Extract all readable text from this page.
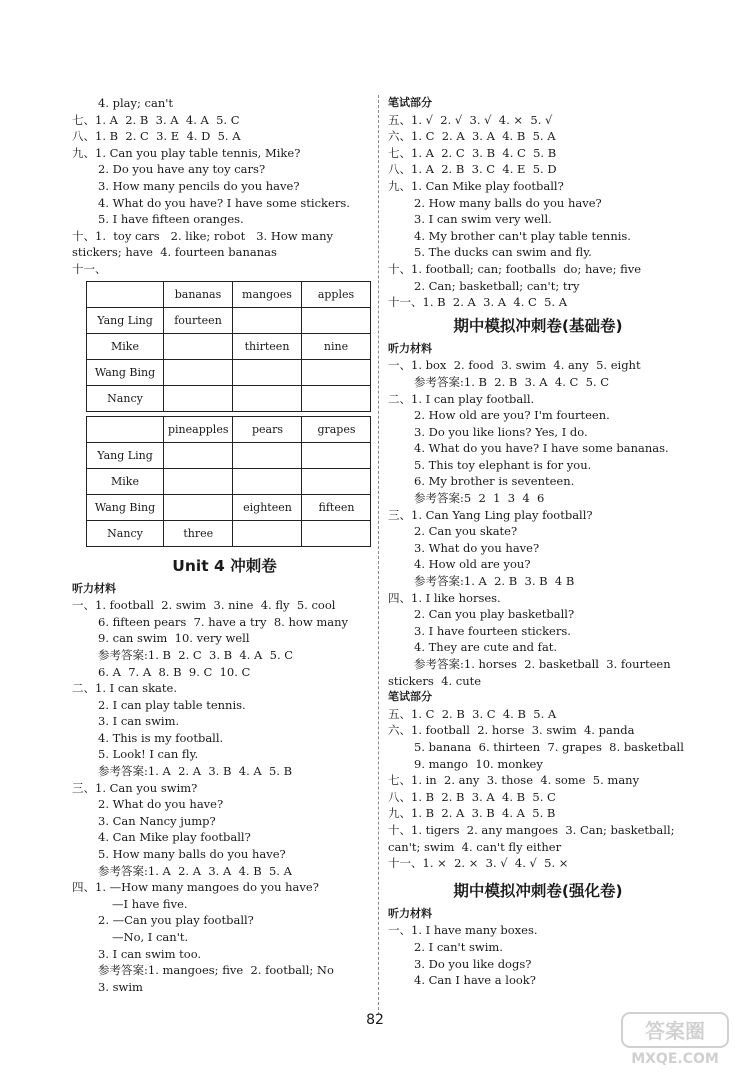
4. play; can't
七、1. A  2. B  3. A  4. A  5. C
八、1. B  2. C  3. E  4. D  5. A
九、1. Can you play table tennis, Mike?
2. Do you have any toy cars?
3. How many pencils do you have?
4. What do you have? I have some stickers.
5. I have fifteen oranges.
十、1.  toy cars   2. like; robot   3. How many
stickers; have  4. fourteen bananas
十一、
	bananas	mangoes	apples
Yang Ling	fourteen		
Mike		thirteen	nine
Wang Bing			
Nancy			
	pineapples	pears	grapes
Yang Ling			
Mike			
Wang Bing		eighteen	fifteen
Nancy	three		
Unit 4 冲刺卷
听力材料
一、1. football  2. swim  3. nine  4. fly  5. cool
6. fifteen pears  7. have a try  8. how many
9. can swim  10. very well
参考答案:1. B  2. C  3. B  4. A  5. C
6. A  7. A  8. B  9. C  10. C
二、1. I can skate.
2. I can play table tennis.
3. I can swim.
4. This is my football.
5. Look! I can fly.
参考答案:1. A  2. A  3. B  4. A  5. B
三、1. Can you swim?
2. What do you have?
3. Can Nancy jump?
4. Can Mike play football?
5. How many balls do you have?
参考答案:1. A  2. A  3. A  4. B  5. A
四、1. —How many mangoes do you have?
—I have five.
2. —Can you play football?
—No, I can't.
3. I can swim too.
参考答案:1. mangoes; five  2. football; No
3. swim
笔试部分
五、1. √  2. √  3. √  4. ×  5. √
六、1. C  2. A  3. A  4. B  5. A
七、1. A  2. C  3. B  4. C  5. B
八、1. A  2. B  3. C  4. E  5. D
九、1. Can Mike play football?
2. How many balls do you have?
3. I can swim very well.
4. My brother can't play table tennis.
5. The ducks can swim and fly.
十、1. football; can; footballs  do; have; five
2. Can; basketball; can't; try
十一、1. B  2. A  3. A  4. C  5. A
期中模拟冲刺卷(基础卷)
听力材料
一、1. box  2. food  3. swim  4. any  5. eight
参考答案:1. B  2. B  3. A  4. C  5. C
二、1. I can play football.
2. How old are you? I'm fourteen.
3. Do you like lions? Yes, I do.
4. What do you have? I have some bananas.
5. This toy elephant is for you.
6. My brother is seventeen.
参考答案:5  2  1  3  4  6
三、1. Can Yang Ling play football?
2. Can you skate?
3. What do you have?
4. How old are you?
参考答案:1. A  2. B  3. B  4 B
四、1. I like horses.
2. Can you play basketball?
3. I have fourteen stickers.
4. They are cute and fat.
参考答案:1. horses  2. basketball  3. fourteen
stickers  4. cute
笔试部分
五、1. C  2. B  3. C  4. B  5. A
六、1. football  2. horse  3. swim  4. panda
5. banana  6. thirteen  7. grapes  8. basketball
9. mango  10. monkey
七、1. in  2. any  3. those  4. some  5. many
八、1. B  2. B  3. A  4. B  5. C
九、1. B  2. A  3. B  4. A  5. B
十、1. tigers  2. any mangoes  3. Can; basketball;
can't; swim  4. can't fly either
十一、1. ×  2. ×  3. √  4. √  5. ×
期中模拟冲刺卷(强化卷)
听力材料
一、1. I have many boxes.
2. I can't swim.
3. Do you like dogs?
4. Can I have a look?
82	答案圈
MXQE.COM
